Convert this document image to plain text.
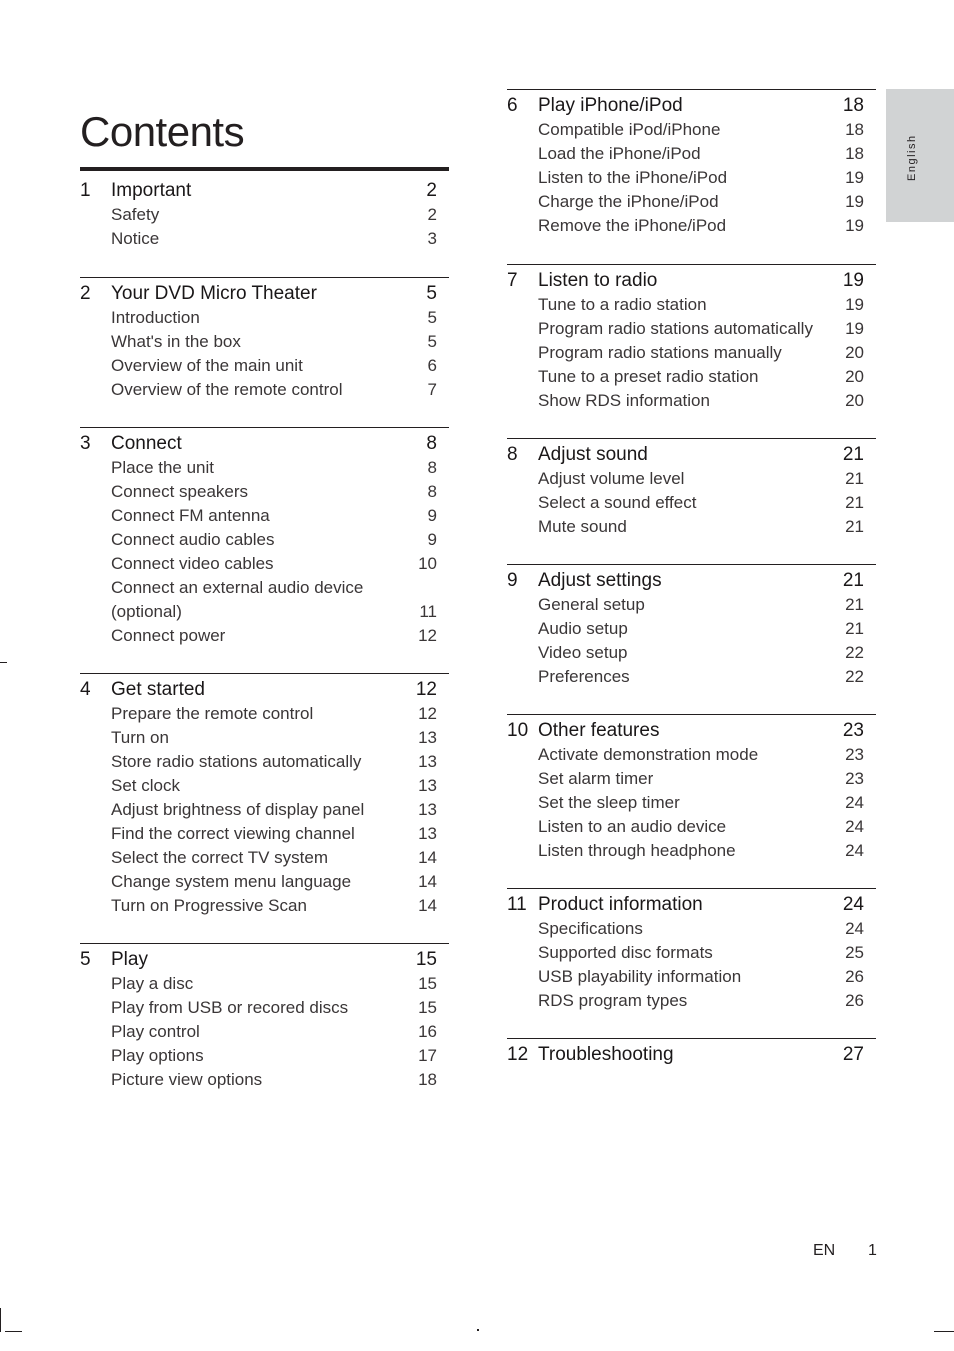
Contents
English
1 Important	2
Safety	2
Notice	3
2 Your DVD Micro Theater	5
Introduction	5
What's in the box	5
Overview of the main unit	6
Overview of the remote control	7
3 Connect	8
Place the unit	8
Connect speakers	8
Connect FM antenna	9
Connect audio cables	9
Connect video cables	10
Connect an external audio device
(optional)	11
Connect power	12
4 Get started	12
Prepare the remote control	12
Turn on	13
Store radio stations automatically	13
Set clock	13
Adjust brightness of display panel	13
Find the correct viewing channel	13
Select the correct TV system	14
Change system menu language	14
Turn on Progressive Scan	14
5 Play	15
Play a disc	15
Play from USB or recored discs	15
Play control	16
Play options	17
Picture view options	18
6 Play iPhone/iPod	18
Compatible iPod/iPhone	18
Load the iPhone/iPod	18
Listen to the iPhone/iPod	19
Charge the iPhone/iPod	19
Remove the iPhone/iPod	19
7 Listen to radio	19
Tune to a radio station	19
Program radio stations automatically 19
Program radio stations manually	20
Tune to a preset radio station	20
Show RDS information	20
8 Adjust sound	21
Adjust volume level	21
Select a sound effect	21
Mute sound	21
9 Adjust settings	21
General setup	21
Audio setup	21
Video setup	22
Preferences	22
10 Other features	23
Activate demonstration mode	23
Set alarm timer	23
Set the sleep timer	24
Listen to an audio device	24
Listen through headphone	24
11 Product information	24
Specifications	24
Supported disc formats	25
USB playability information	26
RDS program types	26
12 Troubleshooting	27
EN 1
